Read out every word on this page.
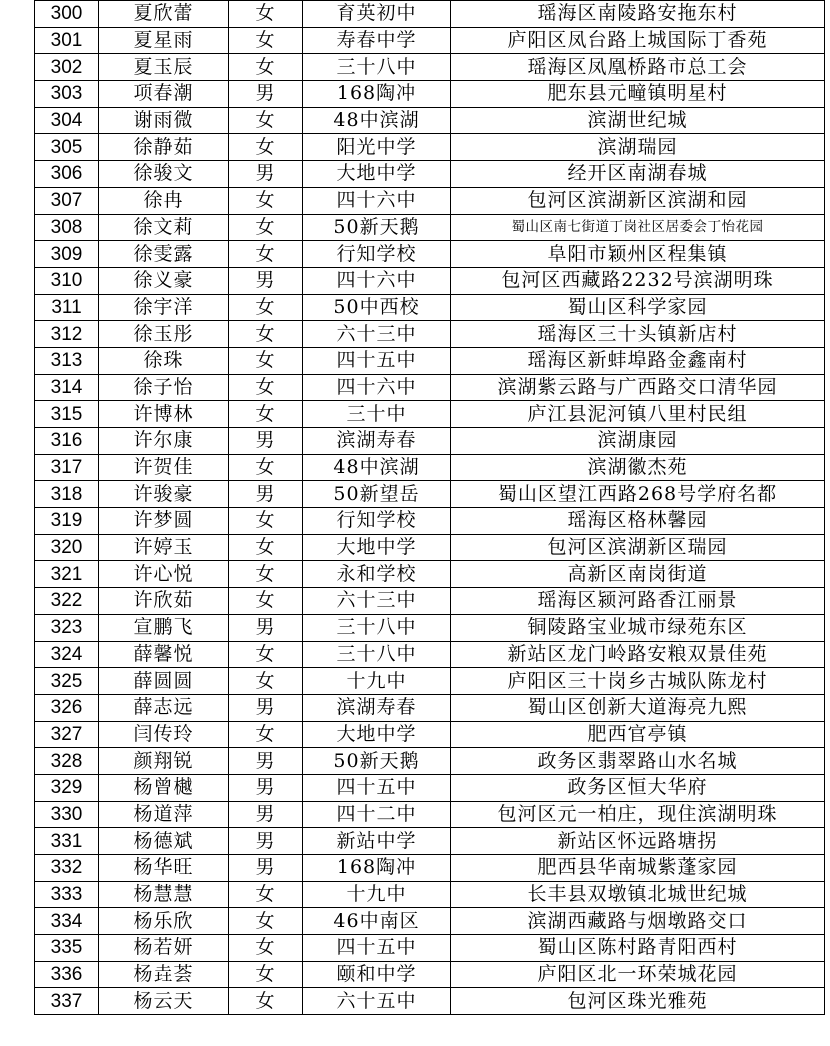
300	夏欣蕾	女	育英初中	瑶海区南陵路安拖东村
301	夏星雨	女	寿春中学	庐阳区凤台路上城国际丁香苑
302	夏玉辰	女	三十八中	瑶海区凤凰桥路市总工会
303	项春潮	男	168陶冲	肥东县元疃镇明星村
304	谢雨微	女	48中滨湖	滨湖世纪城
305	徐静茹	女	阳光中学	滨湖瑞园
306	徐骏文	男	大地中学	经开区南湖春城
307	徐冉	女	四十六中	包河区滨湖新区滨湖和园
308	徐文莉	女	50新天鹅	蜀山区南七街道丁岗社区居委会丁怡花园
309	徐雯露	女	行知学校	阜阳市颖州区程集镇
310	徐义豪	男	四十六中	包河区西藏路2232号滨湖明珠
311	徐宇洋	女	50中西校	蜀山区科学家园
312	徐玉彤	女	六十三中	瑶海区三十头镇新店村
313	徐珠	女	四十五中	瑶海区新蚌埠路金鑫南村
314	徐子怡	女	四十六中	滨湖紫云路与广西路交口清华园
315	许博林	女	三十中	庐江县泥河镇八里村民组
316	许尔康	男	滨湖寿春	滨湖康园
317	许贺佳	女	48中滨湖	滨湖徽杰苑
318	许骏豪	男	50新望岳	蜀山区望江西路268号学府名都
319	许梦圆	女	行知学校	瑶海区格林馨园
320	许婷玉	女	大地中学	包河区滨湖新区瑞园
321	许心悦	女	永和学校	高新区南岗街道
322	许欣茹	女	六十三中	瑶海区颍河路香江丽景
323	宣鹏飞	男	三十八中	铜陵路宝业城市绿苑东区
324	薛馨悦	女	三十八中	新站区龙门岭路安粮双景佳苑
325	薛圆圆	女	十九中	庐阳区三十岗乡古城队陈龙村
326	薛志远	男	滨湖寿春	蜀山区创新大道海亮九熙
327	闫传玲	女	大地中学	肥西官亭镇
328	颜翔锐	男	50新天鹅	政务区翡翠路山水名城
329	杨曾樾	男	四十五中	政务区恒大华府
330	杨道萍	男	四十二中	包河区元一柏庄，现住滨湖明珠
331	杨德斌	男	新站中学	新站区怀远路塘拐
332	杨华旺	男	168陶冲	肥西县华南城紫蓬家园
333	杨慧慧	女	十九中	长丰县双墩镇北城世纪城
334	杨乐欣	女	46中南区	滨湖西藏路与烟墩路交口
335	杨若妍	女	四十五中	蜀山区陈村路青阳西村
336	杨垚荟	女	颐和中学	庐阳区北一环荣城花园
337	杨云天	女	六十五中	包河区珠光雅苑
